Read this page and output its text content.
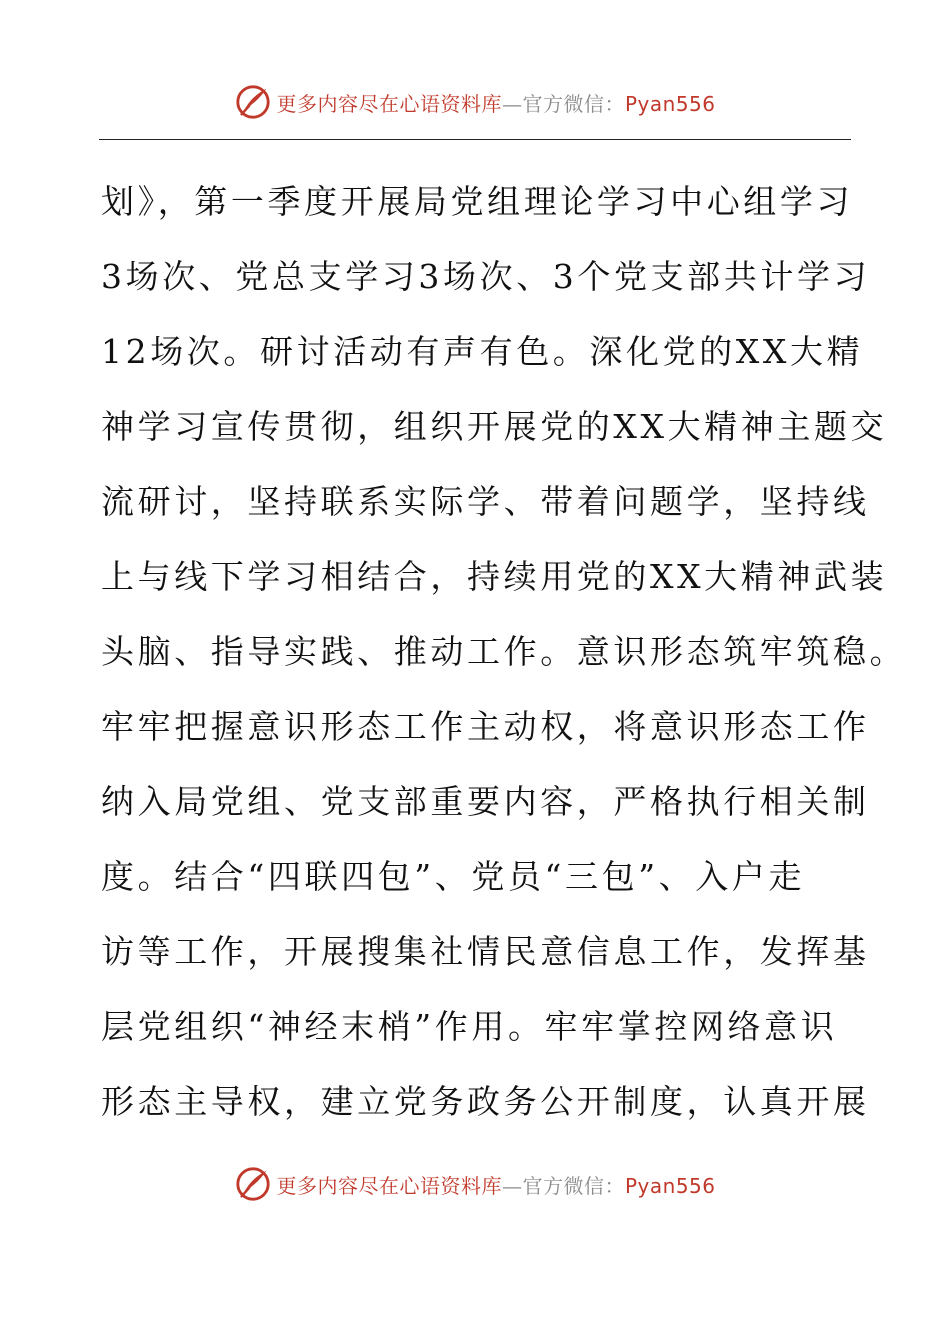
更多内容尽在心语资料库—官方微信：Pyan556
划》，第一季度开展局党组理论学习中心组学习
3场次、党总支学习3场次、3个党支部共计学习
12场次。研讨活动有声有色。深化党的XX大精
神学习宣传贯彻，组织开展党的XX大精神主题交
流研讨，坚持联系实际学、带着问题学，坚持线
上与线下学习相结合，持续用党的XX大精神武装
头脑、指导实践、推动工作。意识形态筑牢筑稳。
牢牢把握意识形态工作主动权，将意识形态工作
纳入局党组、党支部重要内容，严格执行相关制
度。结合“四联四包”、党员“三包”、入户走
访等工作，开展搜集社情民意信息工作，发挥基
层党组织“神经末梢”作用。牢牢掌控网络意识
形态主导权，建立党务政务公开制度，认真开展
更多内容尽在心语资料库—官方微信：Pyan556
